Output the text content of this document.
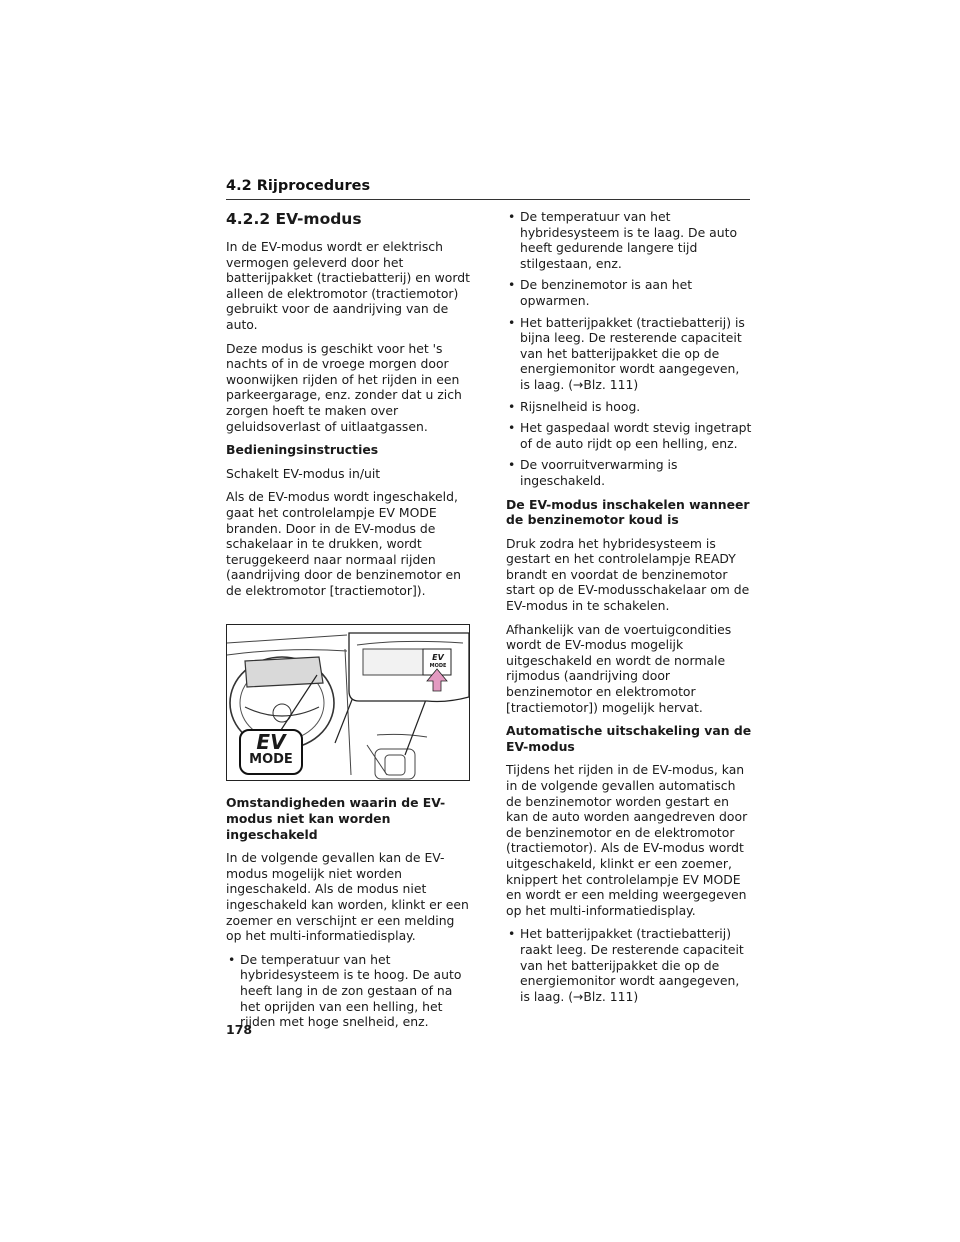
4.2 Rijprocedures
4.2.2 EV-modus

In de EV-modus wordt er elektrisch vermogen geleverd door het batterijpakket (tractiebatterij) en wordt alleen de elektromotor (tractiemotor) gebruikt voor de aandrijving van de auto.

Deze modus is geschikt voor het 's nachts of in de vroege morgen door woonwijken rijden of het rijden in een parkeergarage, enz. zonder dat u zich zorgen hoeft te maken over geluidsoverlast of uitlaatgassen.

Bedieningsinstructies

Schakelt EV-modus in/uit

Als de EV-modus wordt ingeschakeld, gaat het controlelampje EV MODE branden. Door in de EV-modus de schakelaar in te drukken, wordt teruggekeerd naar normaal rijden (aandrijving door de benzinemotor en de elektromotor [tractiemotor]).

EV
MODE
EV
MODE

Omstandigheden waarin de EV-modus niet kan worden ingeschakeld

In de volgende gevallen kan de EV-modus mogelijk niet worden ingeschakeld. Als de modus niet ingeschakeld kan worden, klinkt er een zoemer en verschijnt er een melding op het multi-informatiedisplay.

• De temperatuur van het hybridesysteem is te hoog. De auto heeft lang in de zon gestaan of na het oprijden van een helling, het rijden met hoge snelheid, enz.
• De temperatuur van het hybridesysteem is te laag. De auto heeft gedurende langere tijd stilgestaan, enz.
• De benzinemotor is aan het opwarmen.
• Het batterijpakket (tractiebatterij) is bijna leeg. De resterende capaciteit van het batterijpakket die op de energiemonitor wordt aangegeven, is laag. (→Blz. 111)
• Rijsnelheid is hoog.
• Het gaspedaal wordt stevig ingetrapt of de auto rijdt op een helling, enz.
• De voorruitverwarming is ingeschakeld.

De EV-modus inschakelen wanneer de benzinemotor koud is

Druk zodra het hybridesysteem is gestart en het controlelampje READY brandt en voordat de benzinemotor start op de EV-modusschakelaar om de EV-modus in te schakelen.

Afhankelijk van de voertuigcondities wordt de EV-modus mogelijk uitgeschakeld en wordt de normale rijmodus (aandrijving door benzinemotor en elektromotor [tractiemotor]) mogelijk hervat.

Automatische uitschakeling van de EV-modus

Tijdens het rijden in de EV-modus, kan in de volgende gevallen automatisch de benzinemotor worden gestart en kan de auto worden aangedreven door de benzinemotor en de elektromotor (tractiemotor). Als de EV-modus wordt uitgeschakeld, klinkt er een zoemer, knippert het controlelampje EV MODE en wordt er een melding weergegeven op het multi-informatiedisplay.

• Het batterijpakket (tractiebatterij) raakt leeg. De resterende capaciteit van het batterijpakket die op de energiemonitor wordt aangegeven, is laag. (→Blz. 111)
178
